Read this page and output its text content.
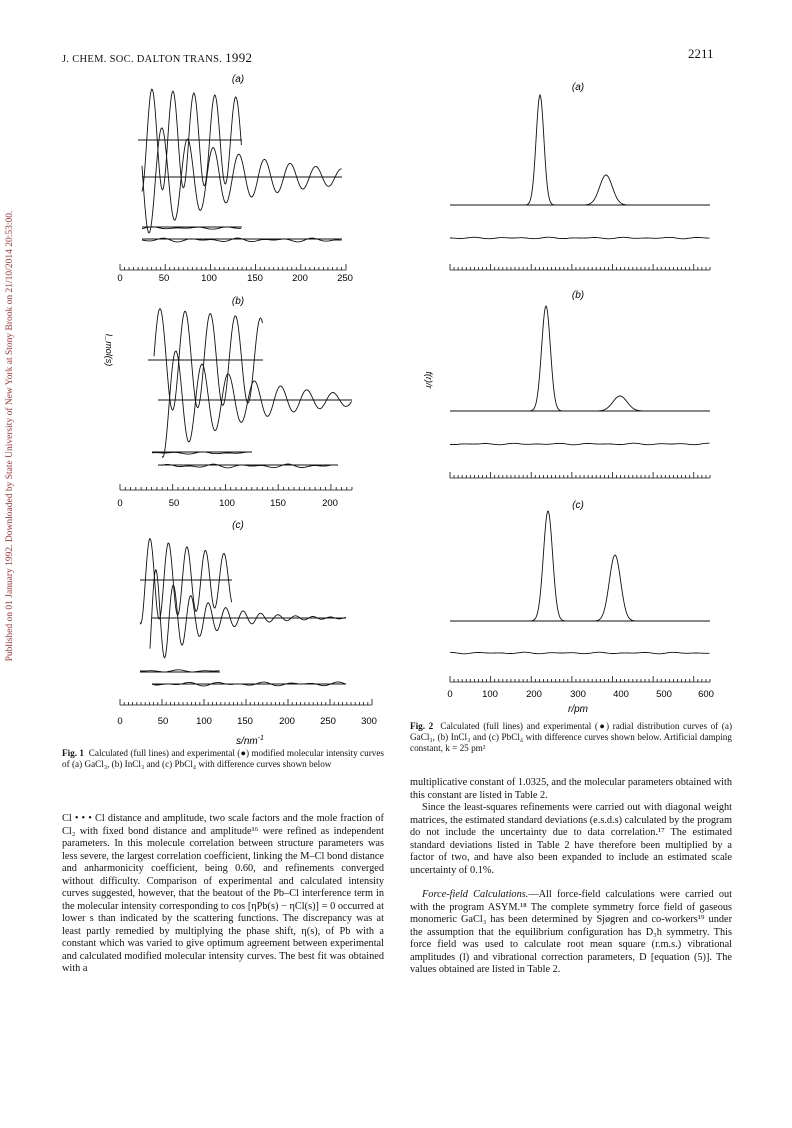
J. CHEM. SOC. DALTON TRANS. 1992	2211
Published on 01 January 1992. Downloaded by State University of New York at Stony Brook on 21/10/2014 20:53:00.
(a)
(b)
(c)
0	50	100	150	200	250
0	50	100	150	200
I_mol(s)
0	50	100	150	200	250	300
$s/nm^{-1}$
Fig. 1 Calculated (full lines) and experimental (●) modified molecular intensity curves of (a) GaCl₃, (b) InCl₃ and (c) PbCl₄ with difference curves shown below
(a)
(b)
(c)
f(r)/r
0	100	200	300	400	500	600
r/pm
Fig. 2 Calculated (full lines) and experimental (●) radial distribution curves of (a) GaCl₃, (b) InCl₃ and (c) PbCl₄ with difference curves shown below. Artificial damping constant, k = 25 pm²

Cl • • • Cl distance and amplitude, two scale factors and the mole fraction of Cl₂ with fixed bond distance and amplitude¹⁶ were refined as independent parameters. In this molecule correlation between structure parameters was less severe, the largest correlation coefficient, linking the M–Cl bond distance and anharmonicity coefficient, being 0.60, and refinements converged without difficulty. Comparison of experimental and calculated intensity curves suggested, however, that the beatout of the Pb–Cl interference term in the molecular intensity corresponding to cos [ηPb(s) − ηCl(s)] = 0 occurred at lower s than indicated by the scattering functions. The discrepancy was at least partly remedied by multiplying the phase shift, η(s), of Pb with a constant which was varied to give optimum agreement between experimental and calculated modified molecular intensity curves. The best fit was obtained with a

multiplicative constant of 1.0325, and the molecular parameters obtained with this constant are listed in Table 2.

Since the least-squares refinements were carried out with diagonal weight matrices, the estimated standard deviations (e.s.d.s) calculated by the program do not include the uncertainty due to data correlation.¹⁷ The estimated standard deviations listed in Table 2 have therefore been multiplied by a factor of two, and have also been expanded to include an estimated scale uncertainty of 0.1%.

Force-field Calculations.—All force-field calculations were carried out with the program ASYM.¹⁸ The complete symmetry force field of gaseous monomeric GaCl₃ has been determined by Sjøgren and co-workers¹⁹ under the assumption that the equilibrium configuration has D₃h symmetry. This force field was used to calculate root mean square (r.m.s.) vibrational amplitudes (l) and vibrational correction parameters, D [equation (5)]. The values obtained are listed in Table 2.
